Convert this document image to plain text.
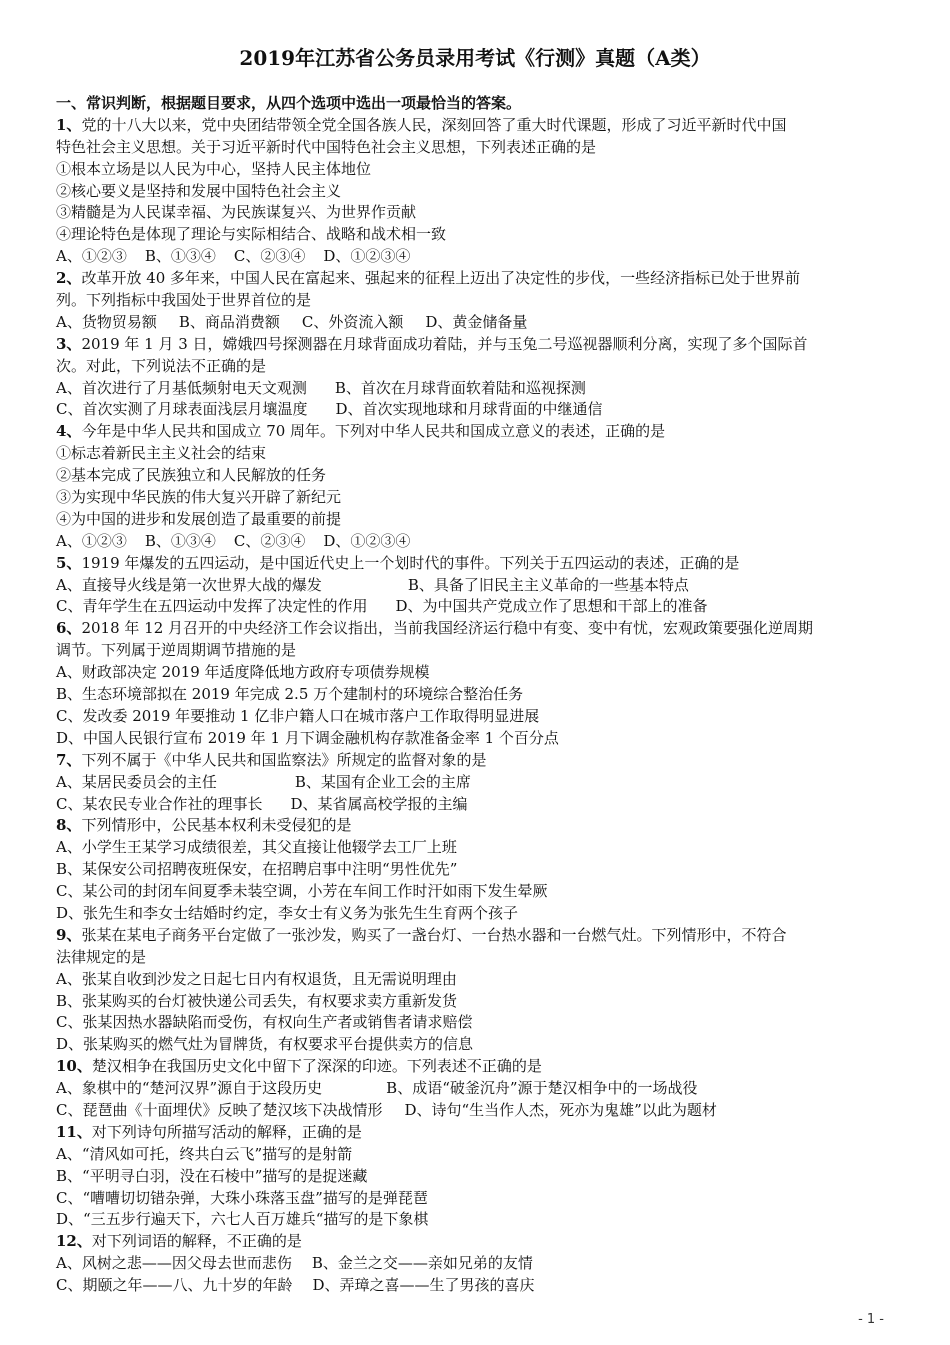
2019年江苏省公务员录用考试《行测》真题（A类）
一、常识判断，根据题目要求，从四个选项中选出一项最恰当的答案。
1、党的十八大以来，党中央团结带领全党全国各族人民，深刻回答了重大时代课题，形成了习近平新时代中国
特色社会主义思想。关于习近平新时代中国特色社会主义思想，下列表述正确的是
①根本立场是以人民为中心，坚持人民主体地位
②核心要义是坚持和发展中国特色社会主义
③精髓是为人民谋幸福、为民族谋复兴、为世界作贡献
④理论特色是体现了理论与实际相结合、战略和战术相一致
A、①②③ B、①③④ C、②③④ D、①②③④
2、改革开放 40 多年来，中国人民在富起来、强起来的征程上迈出了决定性的步伐，一些经济指标已处于世界前
列。下列指标中我国处于世界首位的是
A、货物贸易额 B、商品消费额 C、外资流入额 D、黄金储备量
3、2019 年 1 月 3 日，嫦娥四号探测器在月球背面成功着陆，并与玉兔二号巡视器顺利分离，实现了多个国际首
次。对此，下列说法不正确的是
A、首次进行了月基低频射电天文观测 B、首次在月球背面软着陆和巡视探测
C、首次实测了月球表面浅层月壤温度 D、首次实现地球和月球背面的中继通信
4、今年是中华人民共和国成立 70 周年。下列对中华人民共和国成立意义的表述，正确的是
①标志着新民主主义社会的结束
②基本完成了民族独立和人民解放的任务
③为实现中华民族的伟大复兴开辟了新纪元
④为中国的进步和发展创造了最重要的前提
A、①②③ B、①③④ C、②③④ D、①②③④
5、1919 年爆发的五四运动，是中国近代史上一个划时代的事件。下列关于五四运动的表述，正确的是
A、直接导火线是第一次世界大战的爆发	B、具备了旧民主主义革命的一些基本特点
C、青年学生在五四运动中发挥了决定性的作用 D、为中国共产党成立作了思想和干部上的准备
6、2018 年 12 月召开的中央经济工作会议指出，当前我国经济运行稳中有变、变中有忧，宏观政策要强化逆周期
调节。下列属于逆周期调节措施的是
A、财政部决定 2019 年适度降低地方政府专项债券规模
B、生态环境部拟在 2019 年完成 2.5 万个建制村的环境综合整治任务
C、发改委 2019 年要推动 1 亿非户籍人口在城市落户工作取得明显进展
D、中国人民银行宣布 2019 年 1 月下调金融机构存款准备金率 1 个百分点
7、下列不属于《中华人民共和国监察法》所规定的监督对象的是
A、某居民委员会的主任	B、某国有企业工会的主席
C、某农民专业合作社的理事长 D、某省属高校学报的主编
8、下列情形中，公民基本权利未受侵犯的是
A、小学生王某学习成绩很差，其父直接让他辍学去工厂上班
B、某保安公司招聘夜班保安，在招聘启事中注明“男性优先”
C、某公司的封闭车间夏季未装空调，小芳在车间工作时汗如雨下发生晕厥
D、张先生和李女士结婚时约定，李女士有义务为张先生生育两个孩子
9、张某在某电子商务平台定做了一张沙发，购买了一盏台灯、一台热水器和一台燃气灶。下列情形中，不符合
法律规定的是
A、张某自收到沙发之日起七日内有权退货，且无需说明理由
B、张某购买的台灯被快递公司丢失，有权要求卖方重新发货
C、张某因热水器缺陷而受伤，有权向生产者或销售者请求赔偿
D、张某购买的燃气灶为冒牌货，有权要求平台提供卖方的信息
10、楚汉相争在我国历史文化中留下了深深的印迹。下列表述不正确的是
A、象棋中的“楚河汉界”源自于这段历史	B、成语“破釜沉舟”源于楚汉相争中的一场战役
C、琵琶曲《十面埋伏》反映了楚汉垓下决战情形 D、诗句“生当作人杰，死亦为鬼雄”以此为题材
11、对下列诗句所描写活动的解释，正确的是
A、“清风如可托，终共白云飞”描写的是射箭
B、“平明寻白羽，没在石棱中”描写的是捉迷藏
C、“嘈嘈切切错杂弹，大珠小珠落玉盘”描写的是弹琵琶
D、“三五步行遍天下，六七人百万雄兵“描写的是下象棋
12、对下列词语的解释，不正确的是
A、风树之悲——因父母去世而悲伤 B、金兰之交——亲如兄弟的友情
C、期颐之年——八、九十岁的年龄 D、弄璋之喜——生了男孩的喜庆
- 1 -
